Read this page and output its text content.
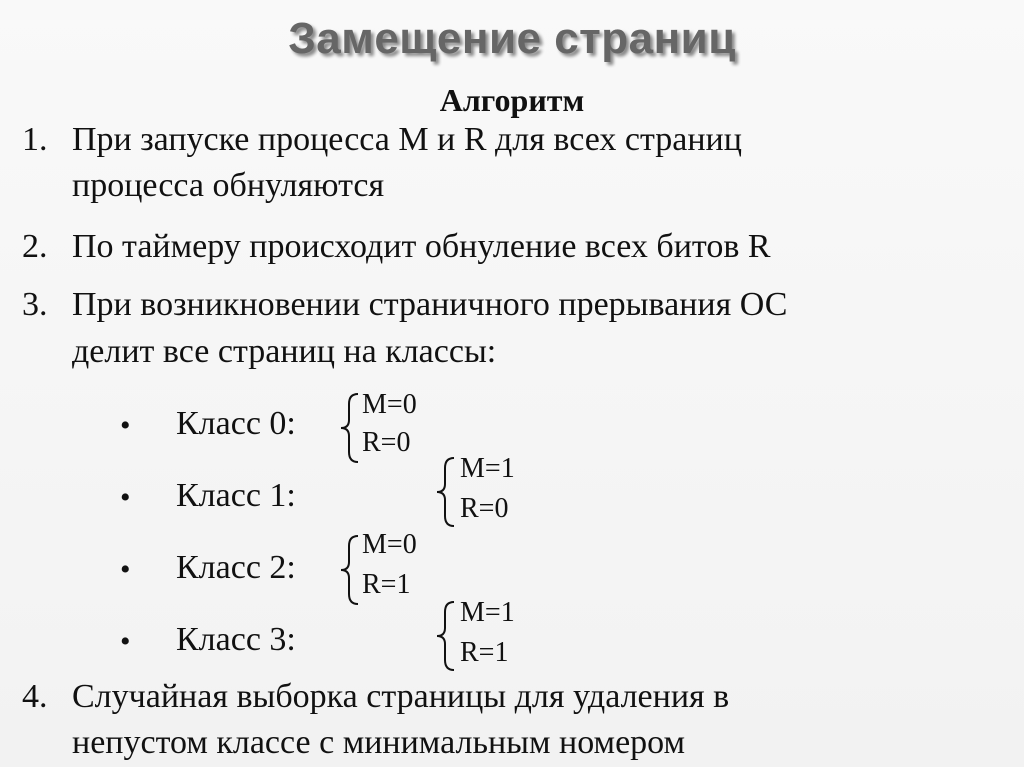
Замещение страниц
Алгоритм
1. При запуске процесса M и R для всех страниц
процесса обнуляются
2. По таймеру происходит обнуление всех битов R
3. При возникновении страничного прерывания ОС
делит все страниц на классы:
• Класс 0:
M=0
R=0
• Класс 1:
M=1
R=0
• Класс 2:
M=0
R=1
• Класс 3:
M=1
R=1
4. Случайная выборка страницы для удаления в
непустом классе с минимальным номером
